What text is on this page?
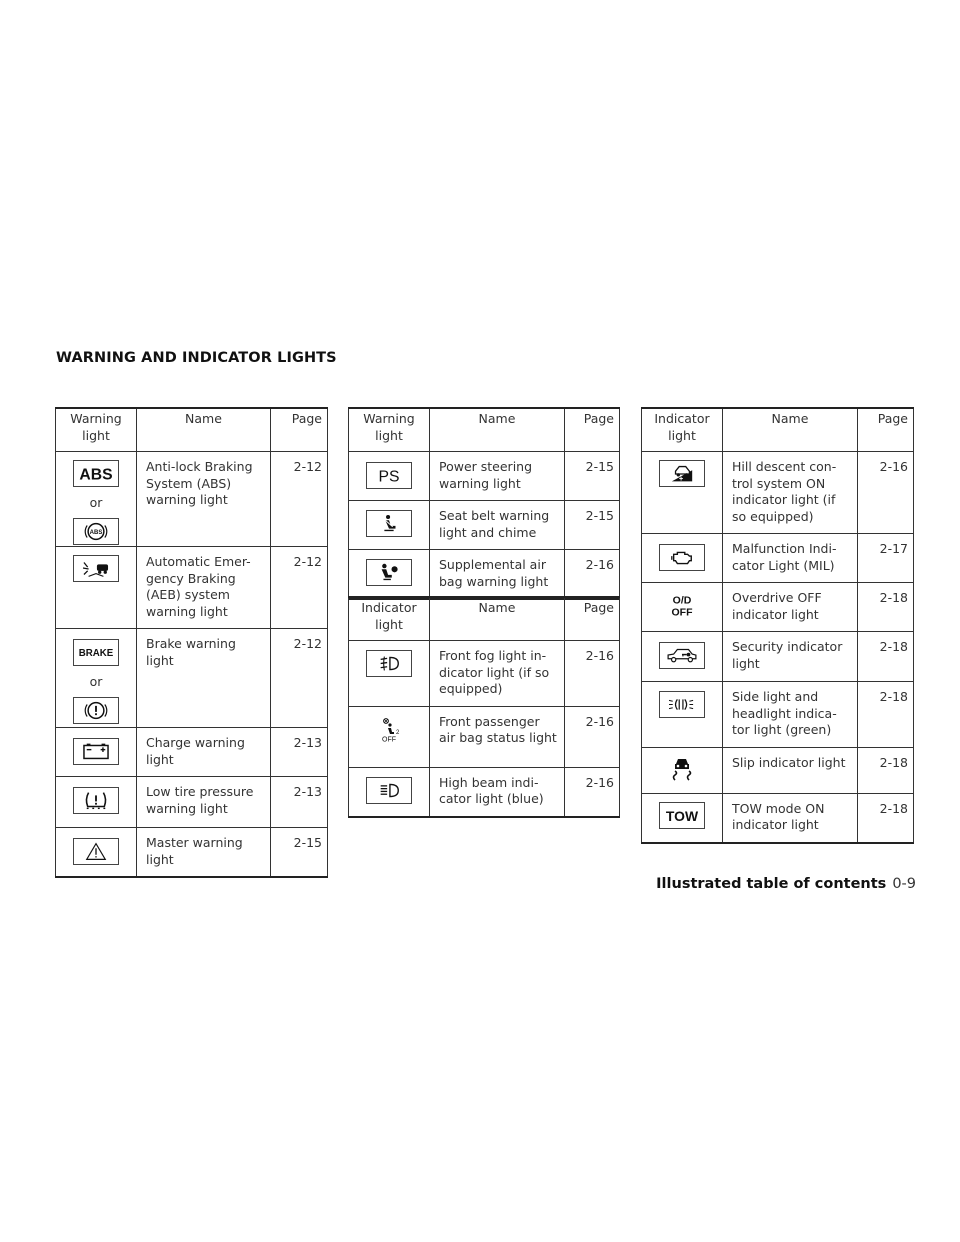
WARNING AND INDICATOR LIGHTS
Warning light	Name	Page

ABS
or
ABS	Anti-lock Braking System (ABS) warning light	2-12

	Automatic Emer-gency Braking (AEB) system warning light	2-12

BRAKE
or	Brake warning light	2-12

	Charge warning light	2-13

	Low tire pressure warning light	2-13

	Master warning light	2-15
Warning light	Name	Page

PS	Power steering warning light	2-15

	Seat belt warning light and chime	2-15

	Supplemental air bag warning light	2-16
Indicator light	Name	Page

	Front fog light in-dicator light (if so equipped)	2-16

2
OFF	Front passenger air bag status light	2-16

	High beam indi-cator light (blue)	2-16
Indicator light	Name	Page

	Hill descent con-trol system ON indicator light (if so equipped)	2-16

	Malfunction Indi-cator Light (MIL)	2-17

O/D
OFF	Overdrive OFF indicator light	2-18

	Security indicator light	2-18

	Side light and headlight indica-tor light (green)	2-18

	Slip indicator light	2-18

TOW	TOW mode ON indicator light	2-18
Illustrated table of contents 0-9
